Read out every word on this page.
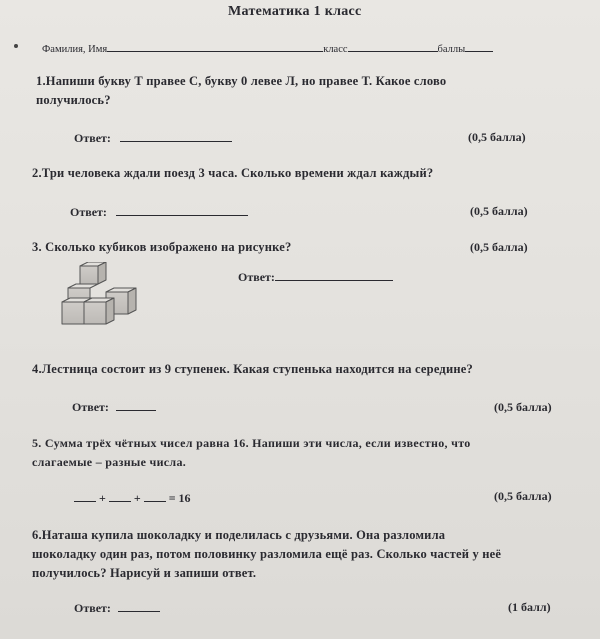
Математика 1 класс
Фамилия, Имя	класс	баллы
1.Напиши букву Т правее С, букву 0 левее Л, но правее Т. Какое слово
получилось?
Ответ:	(0,5 балла)
2.Три человека ждали поезд 3 часа. Сколько времени ждал каждый?
Ответ:	(0,5 балла)
3. Сколько кубиков изображено на рисунке?	(0,5 балла)
Ответ:
4.Лестница состоит из 9 ступенек. Какая ступенька находится на середине?
Ответ:	(0,5 балла)
5. Сумма трёх чётных чисел равна 16. Напиши эти числа, если известно, что
слагаемые – разные числа.
+ + = 16	(0,5 балла)
6.Наташа купила шоколадку и поделилась с друзьями. Она разломила
шоколадку один раз, потом половинку разломила ещё раз. Сколько частей у неё
получилось? Нарисуй и запиши ответ.
Ответ:	(1 балл)
